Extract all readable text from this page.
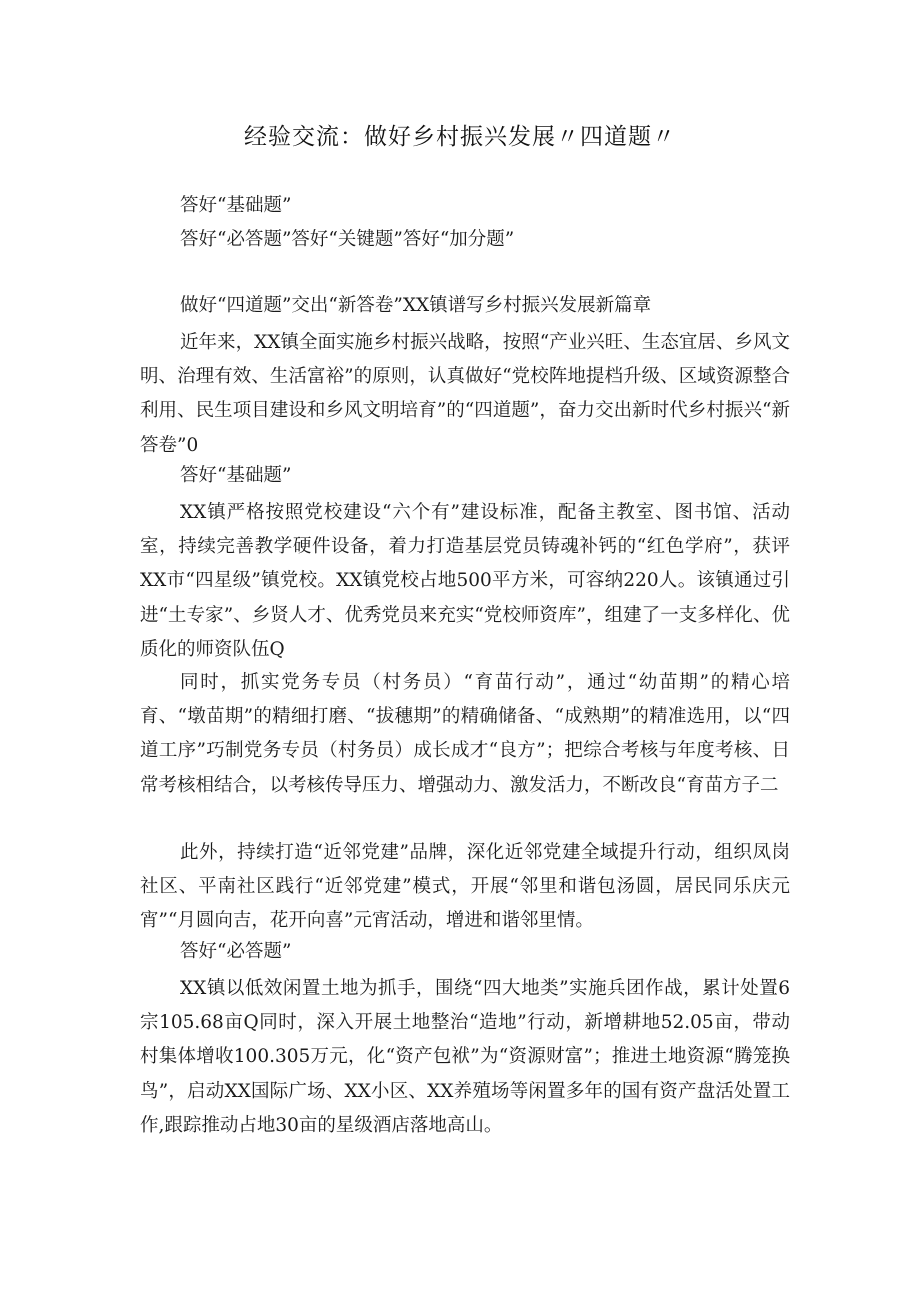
经验交流：做好乡村振兴发展〃四道题〃
答好“基础题”
答好“必答题”答好“关键题”答好“加分题”
做好“四道题”交出“新答卷”XX镇谱写乡村振兴发展新篇章

近年来，XX镇全面实施乡村振兴战略，按照“产业兴旺、生态宜居、乡风文明、治理有效、生活富裕”的原则，认真做好“党校阵地提档升级、区域资源整合利用、民生项目建设和乡风文明培育”的“四道题”，奋力交出新时代乡村振兴“新答卷”0

答好“基础题”

XX镇严格按照党校建设“六个有”建设标准，配备主教室、图书馆、活动室，持续完善教学硬件设备，着力打造基层党员铸魂补钙的“红色学府”，获评XX市“四星级”镇党校。XX镇党校占地500平方米，可容纳220人。该镇通过引进“土专家”、乡贤人才、优秀党员来充实“党校师资库”，组建了一支多样化、优质化的师资队伍Q

同时，抓实党务专员（村务员）“育苗行动”，通过“幼苗期”的精心培育、“墩苗期”的精细打磨、“拔穗期”的精确储备、“成熟期”的精准选用，以“四道工序”巧制党务专员（村务员）成长成才“良方”；把综合考核与年度考核、日常考核相结合，以考核传导压力、增强动力、激发活力，不断改良“育苗方子二

此外，持续打造“近邻党建”品牌，深化近邻党建全域提升行动，组织凤岗社区、平南社区践行“近邻党建”模式，开展“邻里和谐包汤圆，居民同乐庆元宵”“月圆向吉，花开向喜”元宵活动，增进和谐邻里情。

答好“必答题”

XX镇以低效闲置土地为抓手，围绕“四大地类”实施兵团作战，累计处置6宗105.68亩Q同时，深入开展土地整治“造地”行动，新增耕地52.05亩，带动村集体增收100.305万元，化“资产包袱”为“资源财富”；推进土地资源“腾笼换鸟”，启动XX国际广场、XX小区、XX养殖场等闲置多年的国有资产盘活处置工作,跟踪推动占地30亩的星级酒店落地高山。
